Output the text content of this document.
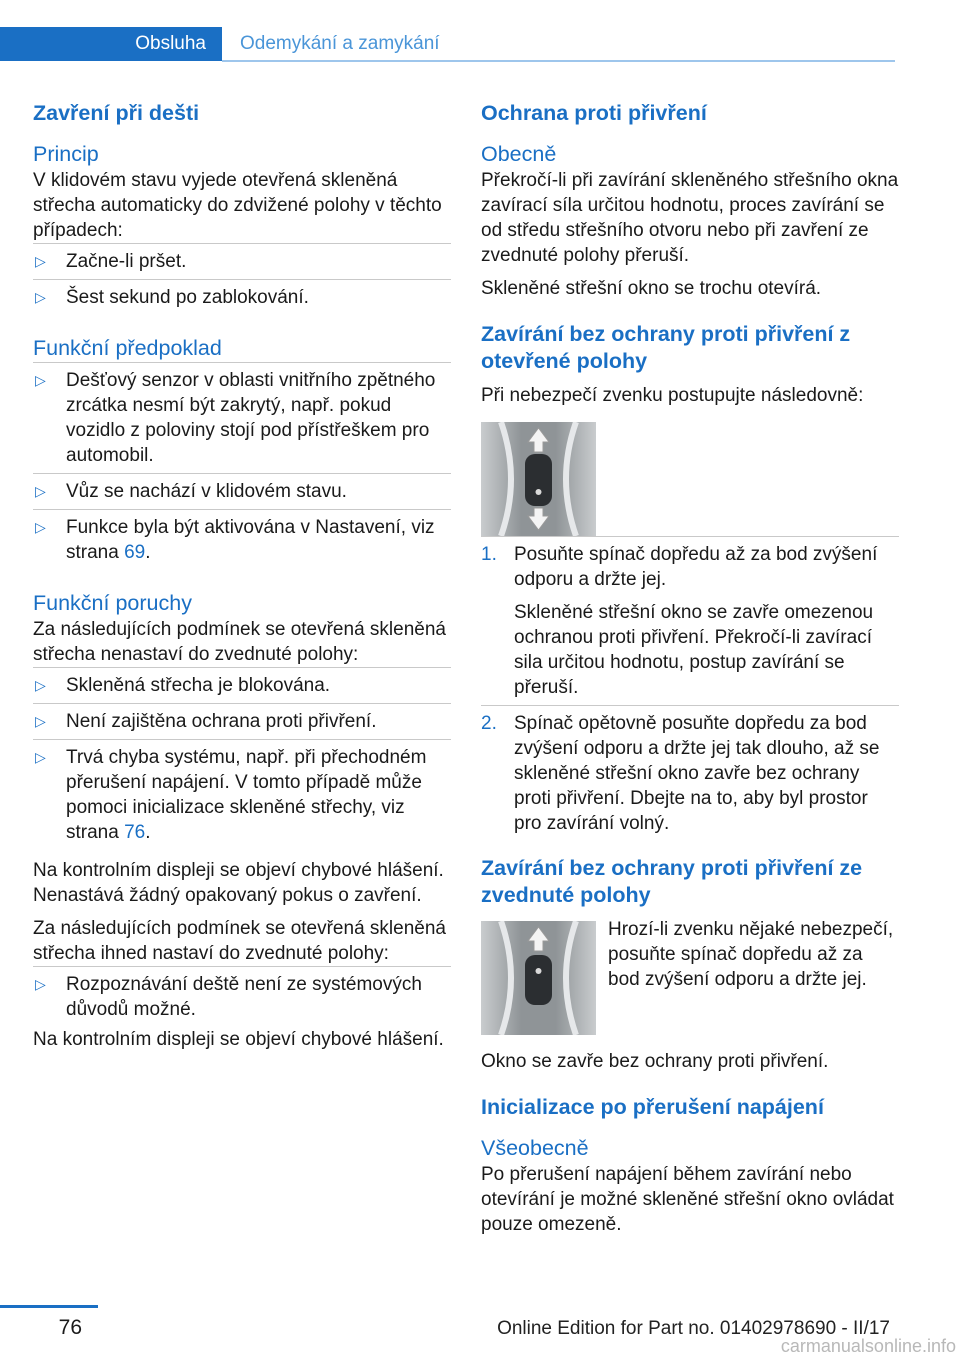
Obsluha	Odemykání a zamykání
Zavření při dešti
Princip

V klidovém stavu vyjede otevřená skleněná střecha automaticky do zdvižené polohy v těchto případech:

▷ Začne-li pršet.
▷ Šest sekund po zablokování.
Funkční předpoklad
▷ Dešťový senzor v oblasti vnitřního zpětného zrcátka nesmí být zakrytý, např. pokud vozidlo z poloviny stojí pod přístřeškem pro automobil.
▷ Vůz se nachází v klidovém stavu.
▷ Funkce byla být aktivována v Nastavení, viz strana 69.
Funkční poruchy

Za následujících podmínek se otevřená skleněná střecha nenastaví do zvednuté polohy:

▷ Skleněná střecha je blokována.
▷ Není zajištěna ochrana proti přivření.
▷ Trvá chyba systému, např. při přechodném přerušení napájení. V tomto případě může pomoci inicializace skleněné střechy, viz strana 76.

Na kontrolním displeji se objeví chybové hlášení. Nenastává žádný opakovaný pokus o zavření.

Za následujících podmínek se otevřená skleněná střecha ihned nastaví do zvednuté polohy:

▷ Rozpoznávání deště není ze systémových důvodů možné.

Na kontrolním displeji se objeví chybové hlášení.

Ochrana proti přivření
Obecně

Překročí-li při zavírání skleněného střešního okna zavírací síla určitou hodnotu, proces zavírání se od středu střešního otvoru nebo při zavření ze zvednuté polohy přeruší.

Skleněné střešní okno se trochu otevírá.

Zavírání bez ochrany proti přivření z otevřené polohy

Při nebezpečí zvenku postupujte následovně:

1. Posuňte spínač dopředu až za bod zvýšení odporu a držte jej.

Skleněné střešní okno se zavře omezenou ochranou proti přivření. Překročí-li zavírací sila určitou hodnotu, postup zavírání se přeruší.

2. Spínač opětovně posuňte dopředu za bod zvýšení odporu a držte jej tak dlouho, až se skleněné střešní okno zavře bez ochrany proti přivření. Dbejte na to, aby byl prostor pro zavírání volný.

Zavírání bez ochrany proti přivření ze zvednuté polohy

Hrozí-li zvenku nějaké nebezpečí, posuňte spínač dopředu až za bod zvýšení odporu a držte jej.

Okno se zavře bez ochrany proti přivření.

Inicializace po přerušení napájení
Všeobecně

Po přerušení napájení během zavírání nebo otevírání je možné skleněné střešní okno ovládat pouze omezeně.

76	Online Edition for Part no. 01402978690 - II/17
carmanualsonline.info
